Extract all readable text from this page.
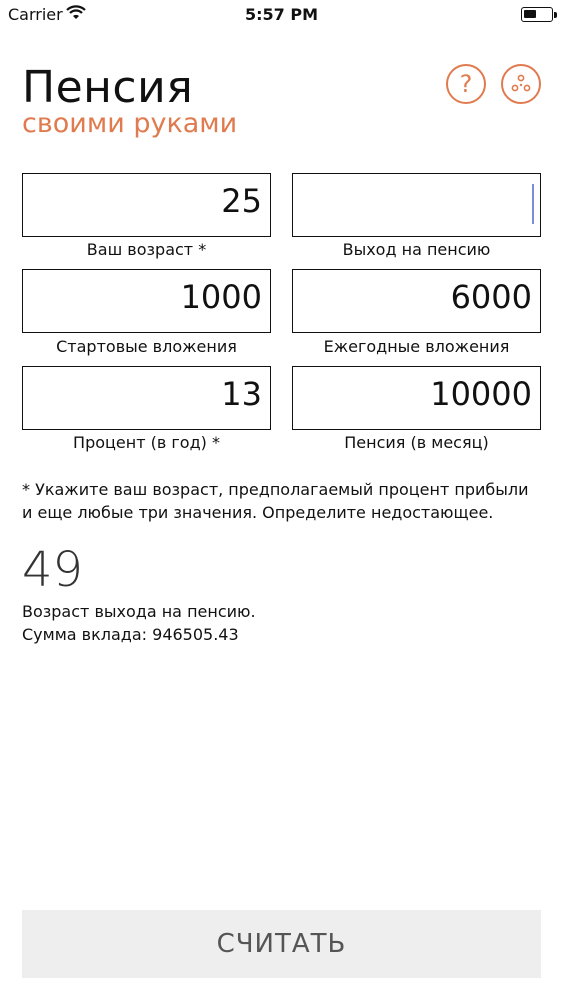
Carrier	5:57 PM
Пенсия
своими руками
?
25
Ваш возраст *	Выход на пенсию
1000
Стартовые вложения
6000
Ежегодные вложения
13
Процент (в год) *
10000
Пенсия (в месяц)
* Укажите ваш возраст, предполагаемый процент прибыли и еще любые три значения. Определите недостающее.
49
Возраст выхода на пенсию.
Сумма вклада: 946505.43
СЧИТАТЬ
